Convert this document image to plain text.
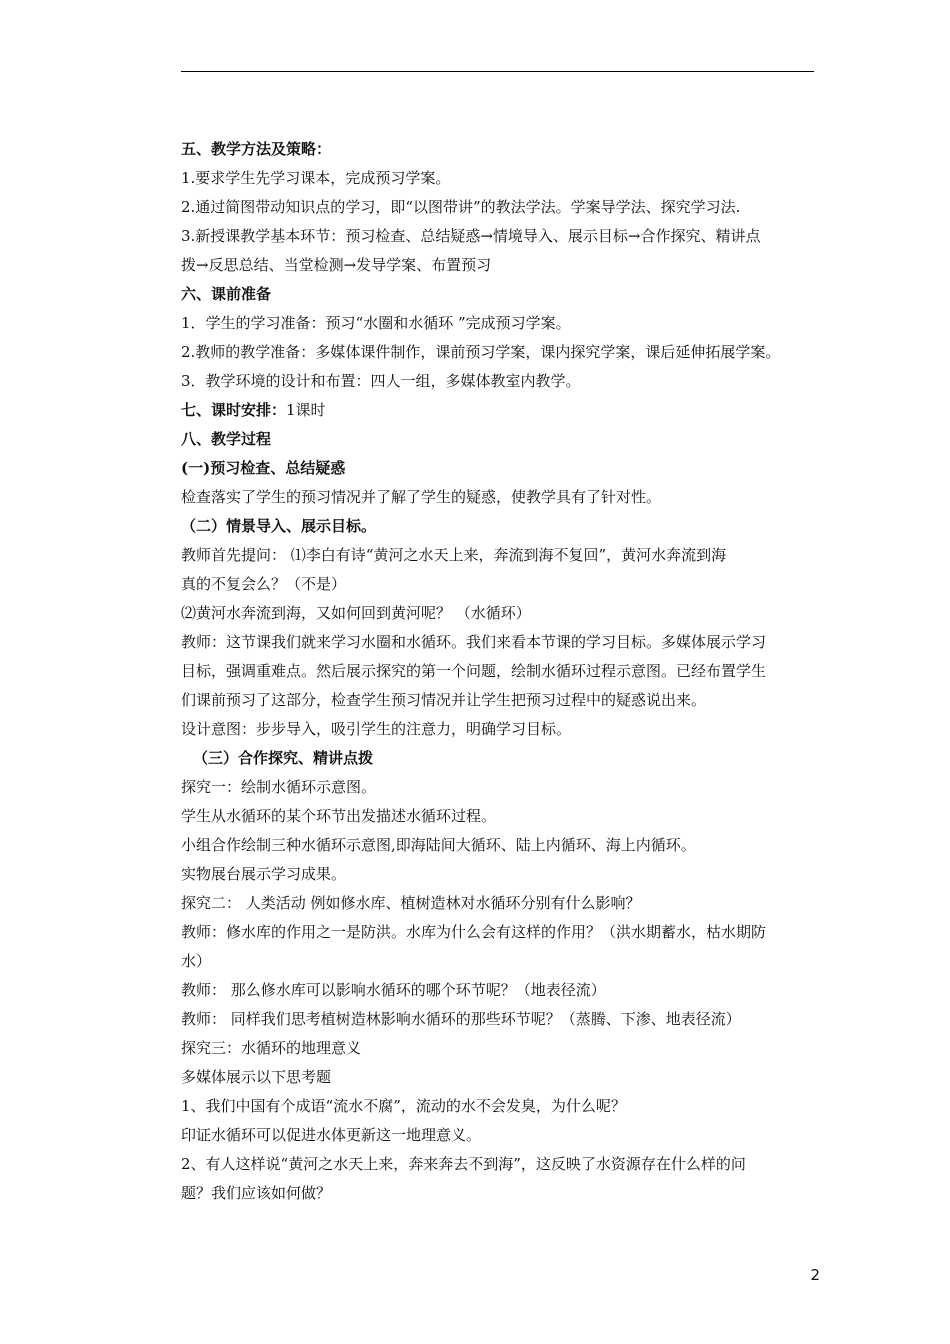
五、教学方法及策略：
1.要求学生先学习课本，完成预习学案。
2.通过简图带动知识点的学习，即“以图带讲”的教法学法。学案导学法、探究学习法.
3.新授课教学基本环节：预习检查、总结疑惑→情境导入、展示目标→合作探究、精讲点
拨→反思总结、当堂检测→发导学案、布置预习
六、课前准备
1．学生的学习准备：预习“水圈和水循环 ”完成预习学案。
2.教师的教学准备：多媒体课件制作，课前预习学案，课内探究学案，课后延伸拓展学案。
3．教学环境的设计和布置：四人一组，多媒体教室内教学。
七、课时安排：1课时
八、教学过程
(一)预习检查、总结疑惑
检查落实了学生的预习情况并了解了学生的疑惑，使教学具有了针对性。
（二）情景导入、展示目标。
教师首先提问： ⑴李白有诗“黄河之水天上来，奔流到海不复回”，黄河水奔流到海
真的不复会么？（不是）
⑵黄河水奔流到海，又如何回到黄河呢？ （水循环）
教师：这节课我们就来学习水圈和水循环。我们来看本节课的学习目标。多媒体展示学习
目标，强调重难点。然后展示探究的第一个问题，绘制水循环过程示意图。已经布置学生
们课前预习了这部分，检查学生预习情况并让学生把预习过程中的疑惑说出来。
设计意图：步步导入，吸引学生的注意力，明确学习目标。
（三）合作探究、精讲点拨
探究一：绘制水循环示意图。
学生从水循环的某个环节出发描述水循环过程。
小组合作绘制三种水循环示意图,即海陆间大循环、陆上内循环、海上内循环。
实物展台展示学习成果。
探究二： 人类活动 例如修水库、植树造林对水循环分别有什么影响？
教师：修水库的作用之一是防洪。水库为什么会有这样的作用？（洪水期蓄水，枯水期防
水）
教师： 那么修水库可以影响水循环的哪个环节呢？（地表径流）
教师： 同样我们思考植树造林影响水循环的那些环节呢？（蒸腾、下渗、地表径流）
探究三：水循环的地理意义
多媒体展示以下思考题
1、我们中国有个成语“流水不腐”，流动的水不会发臭，为什么呢？
印证水循环可以促进水体更新这一地理意义。
2、有人这样说“黄河之水天上来，奔来奔去不到海”，这反映了水资源存在什么样的问
题？我们应该如何做？
2
